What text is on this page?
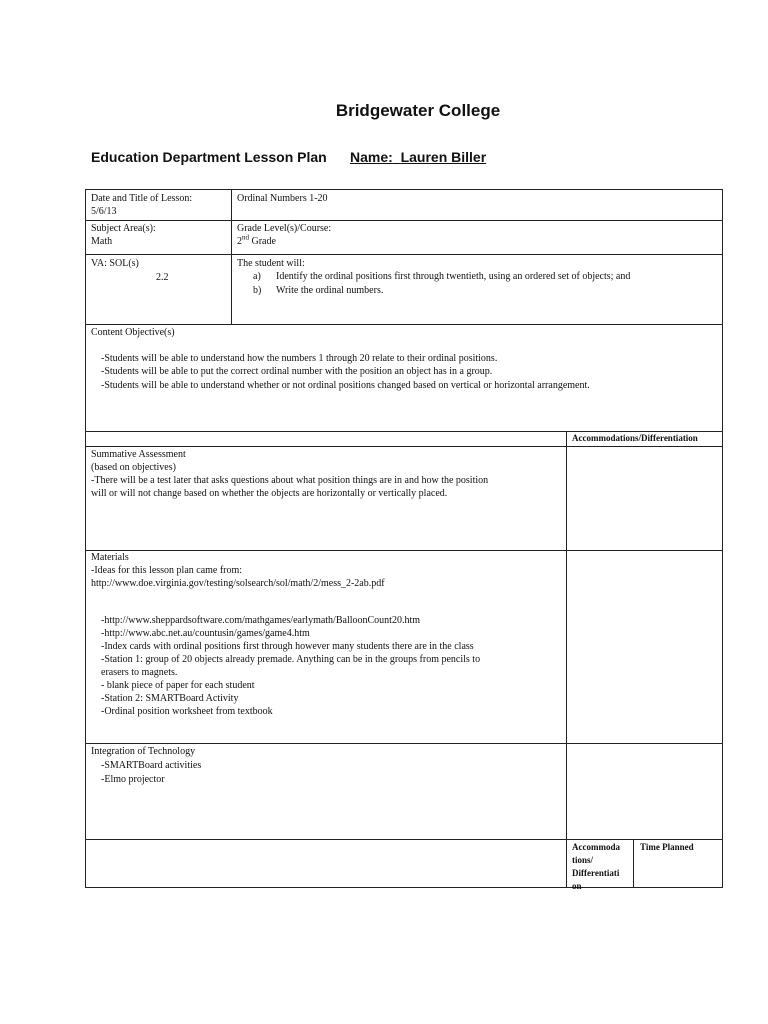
Bridgewater College
Education Department Lesson Plan Name: Lauren Biller
Date and Title of Lesson:
5/6/13
Ordinal Numbers 1-20
Subject Area(s):
Math
Grade Level(s)/Course:
2nd Grade
VA: SOL(s)
2.2
The student will:
a) Identify the ordinal positions first through twentieth, using an ordered set of objects; and
b) Write the ordinal numbers.
Content Objective(s)
-Students will be able to understand how the numbers 1 through 20 relate to their ordinal positions.
-Students will be able to put the correct ordinal number with the position an object has in a group.
-Students will be able to understand whether or not ordinal positions changed based on vertical or horizontal arrangement.
Accommodations/Differentiation
Summative Assessment
(based on objectives)
-There will be a test later that asks questions about what position things are in and how the position
will or will not change based on whether the objects are horizontally or vertically placed.
Materials
-Ideas for this lesson plan came from:
http://www.doe.virginia.gov/testing/solsearch/sol/math/2/mess_2-2ab.pdf
-http://www.sheppardsoftware.com/mathgames/earlymath/BalloonCount20.htm
-http://www.abc.net.au/countusin/games/game4.htm
-Index cards with ordinal positions first through however many students there are in the class
-Station 1: group of 20 objects already premade. Anything can be in the groups from pencils to
erasers to magnets.
- blank piece of paper for each student
-Station 2: SMARTBoard Activity
-Ordinal position worksheet from textbook
Integration of Technology
-SMARTBoard activities
-Elmo projector
Accommoda
tions/
Differentiati
on
Time Planned
